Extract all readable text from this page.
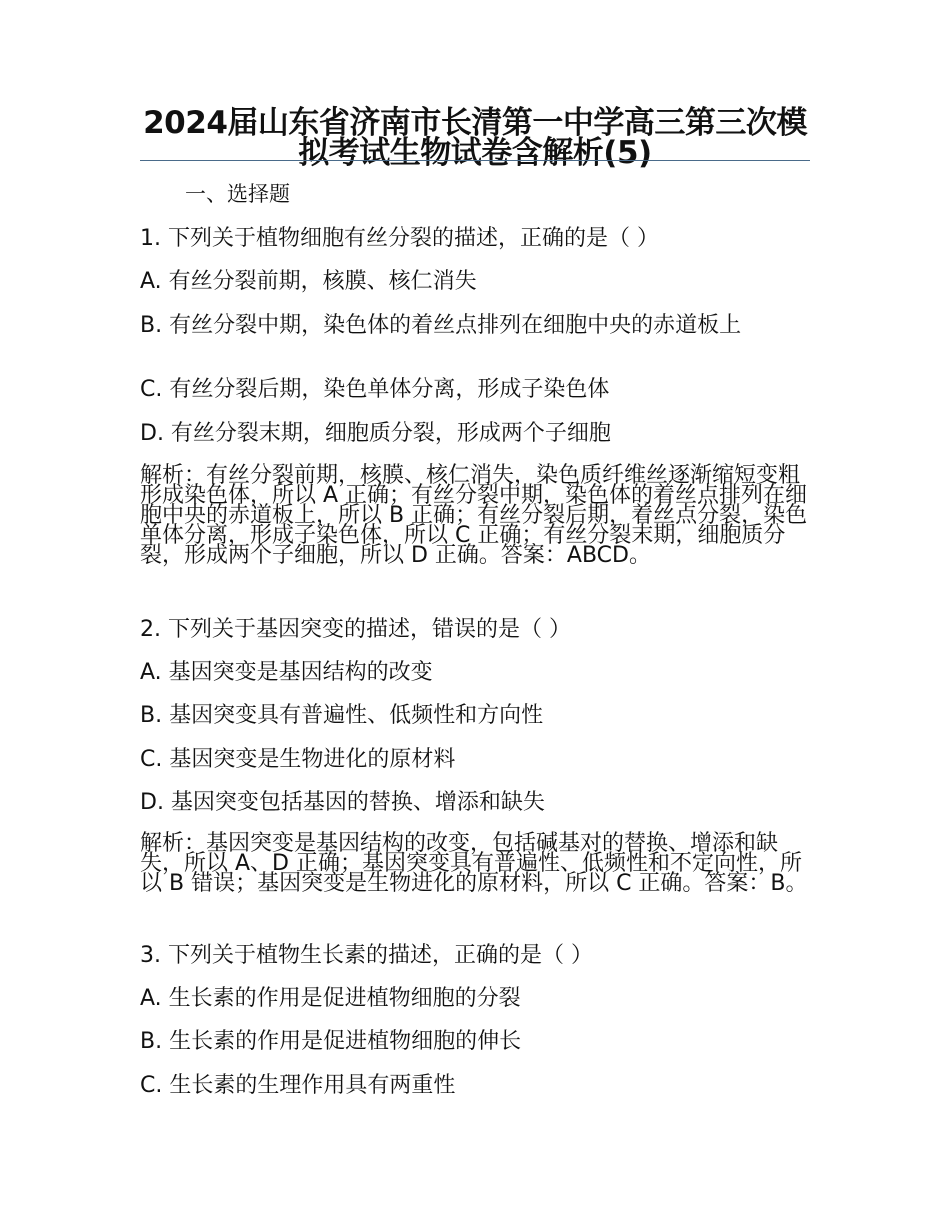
2024届山东省济南市长清第一中学高三第三次模拟考试生物试卷含解析(5)
一、选择题

1. 下列关于植物细胞有丝分裂的描述，正确的是（ ）

A. 有丝分裂前期，核膜、核仁消失

B. 有丝分裂中期，染色体的着丝点排列在细胞中央的赤道板上

C. 有丝分裂后期，染色单体分离，形成子染色体

D. 有丝分裂末期，细胞质分裂，形成两个子细胞

解析：有丝分裂前期，核膜、核仁消失，染色质纤维丝逐渐缩短变粗形成染色体，所以 A 正确；有丝分裂中期，染色体的着丝点排列在细胞中央的赤道板上，所以 B 正确；有丝分裂后期，着丝点分裂，染色单体分离，形成子染色体，所以 C 正确；有丝分裂末期，细胞质分裂，形成两个子细胞，所以 D 正确。答案：ABCD。

2. 下列关于基因突变的描述，错误的是（ ）

A. 基因突变是基因结构的改变

B. 基因突变具有普遍性、低频性和方向性

C. 基因突变是生物进化的原材料

D. 基因突变包括基因的替换、增添和缺失

解析：基因突变是基因结构的改变，包括碱基对的替换、增添和缺失，所以 A、D 正确；基因突变具有普遍性、低频性和不定向性，所以 B 错误；基因突变是生物进化的原材料，所以 C 正确。答案：B。

3. 下列关于植物生长素的描述，正确的是（ ）

A. 生长素的作用是促进植物细胞的分裂

B. 生长素的作用是促进植物细胞的伸长

C. 生长素的生理作用具有两重性
